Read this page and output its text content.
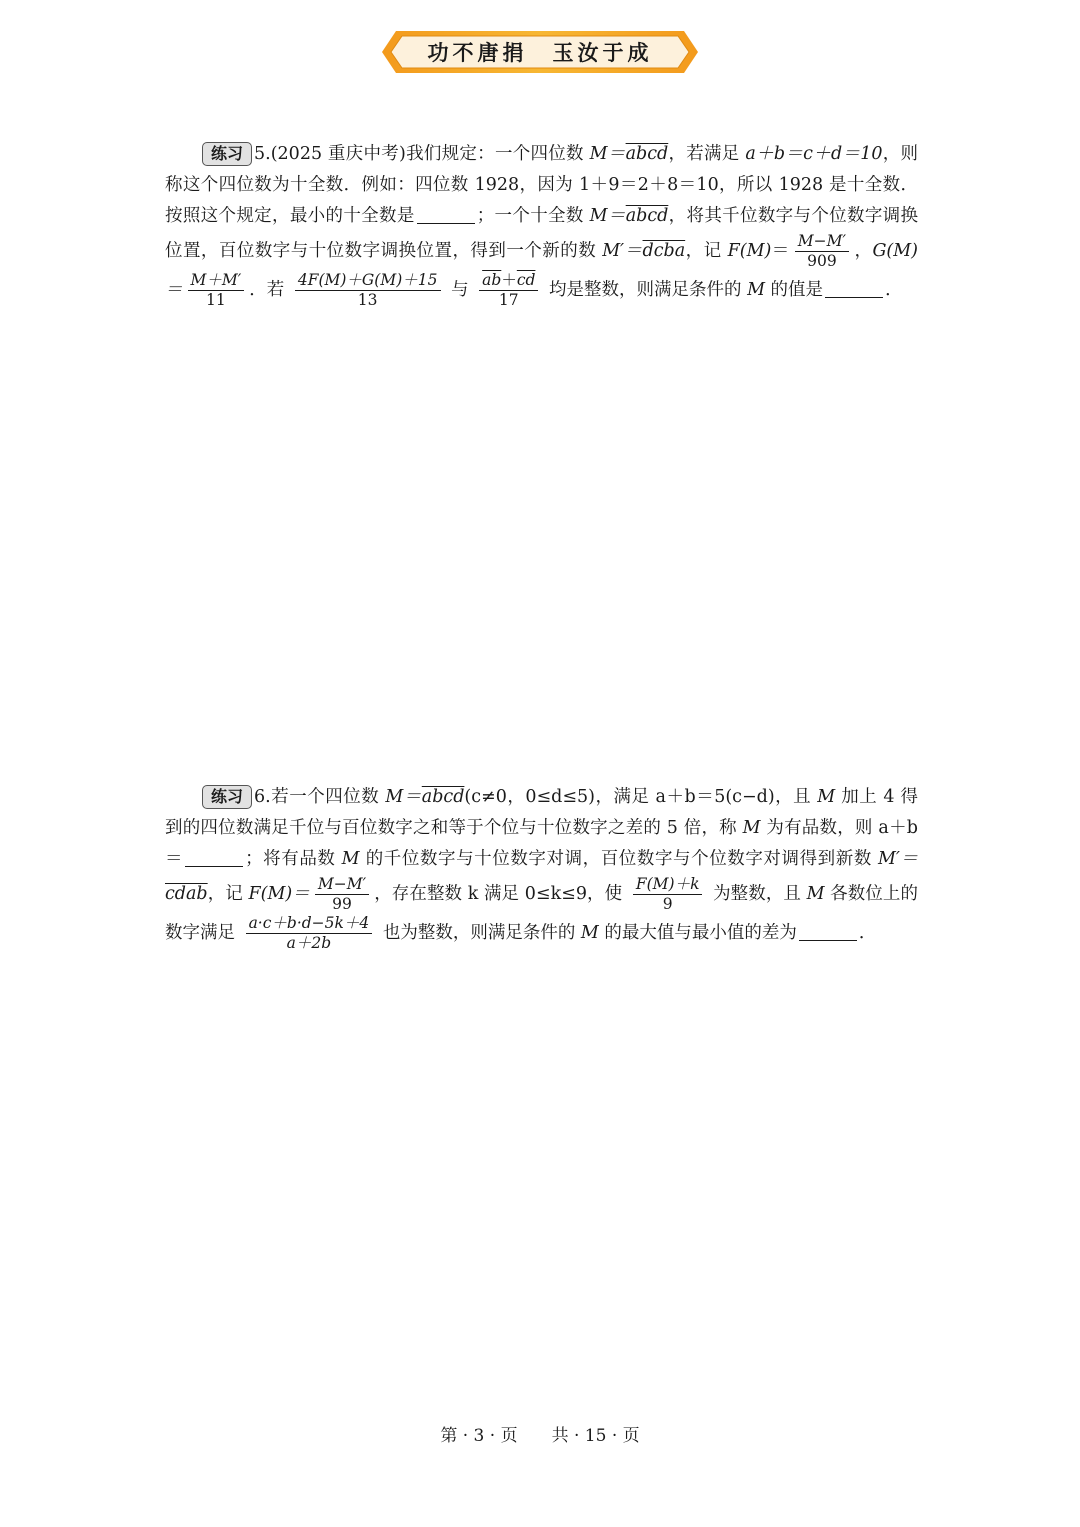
功不唐捐　玉汝于成
练习 5.(2025 重庆中考)我们规定：一个四位数 M＝abcd，若满足 a＋b＝c＋d＝10，则称这个四位数为十全数．例如：四位数 1928，因为 1＋9＝2＋8＝10，所以 1928 是十全数．按照这个规定，最小的十全数是	；一个十全数 M＝abcd，将其千位数字与个位数字调换位置，百位数字与十位数字调换位置，得到一个新的数 M′＝dcba，记 $F(M)= \frac{M-M'}{909}$ ，$G(M)= \frac{M+M'}{11}$ ．若 $\frac{4F(M)+G(M)+15}{13}$ 与 $\frac{\overline{ab}+\overline{cd}}{17}$ 均是整数，则满足条件的 M 的值是	．
练习 6.若一个四位数 M＝abcd(c≠0，0≤d≤5)，满足 a＋b＝5(c−d)，且 M 加上 4 得到的四位数满足千位与百位数字之和等于个位与十位数字之差的 5 倍，称 M 为有品数，则 a＋b＝	；将有品数 M 的千位数字与十位数字对调，百位数字与个位数字对调得到新数 M′＝cdab，记 $F(M)= \frac{M-M'}{99}$ ，存在整数 k 满足 0≤k≤9，使 $\frac{F(M)+k}{9}$ 为整数，且 M 各数位上的数字满足 $\frac{a\cdot c+b\cdot d-5k+4}{a+2b}$ 也为整数，则满足条件的 M 的最大值与最小值的差为	．
第 · 3 · 页　　共 · 15 · 页
